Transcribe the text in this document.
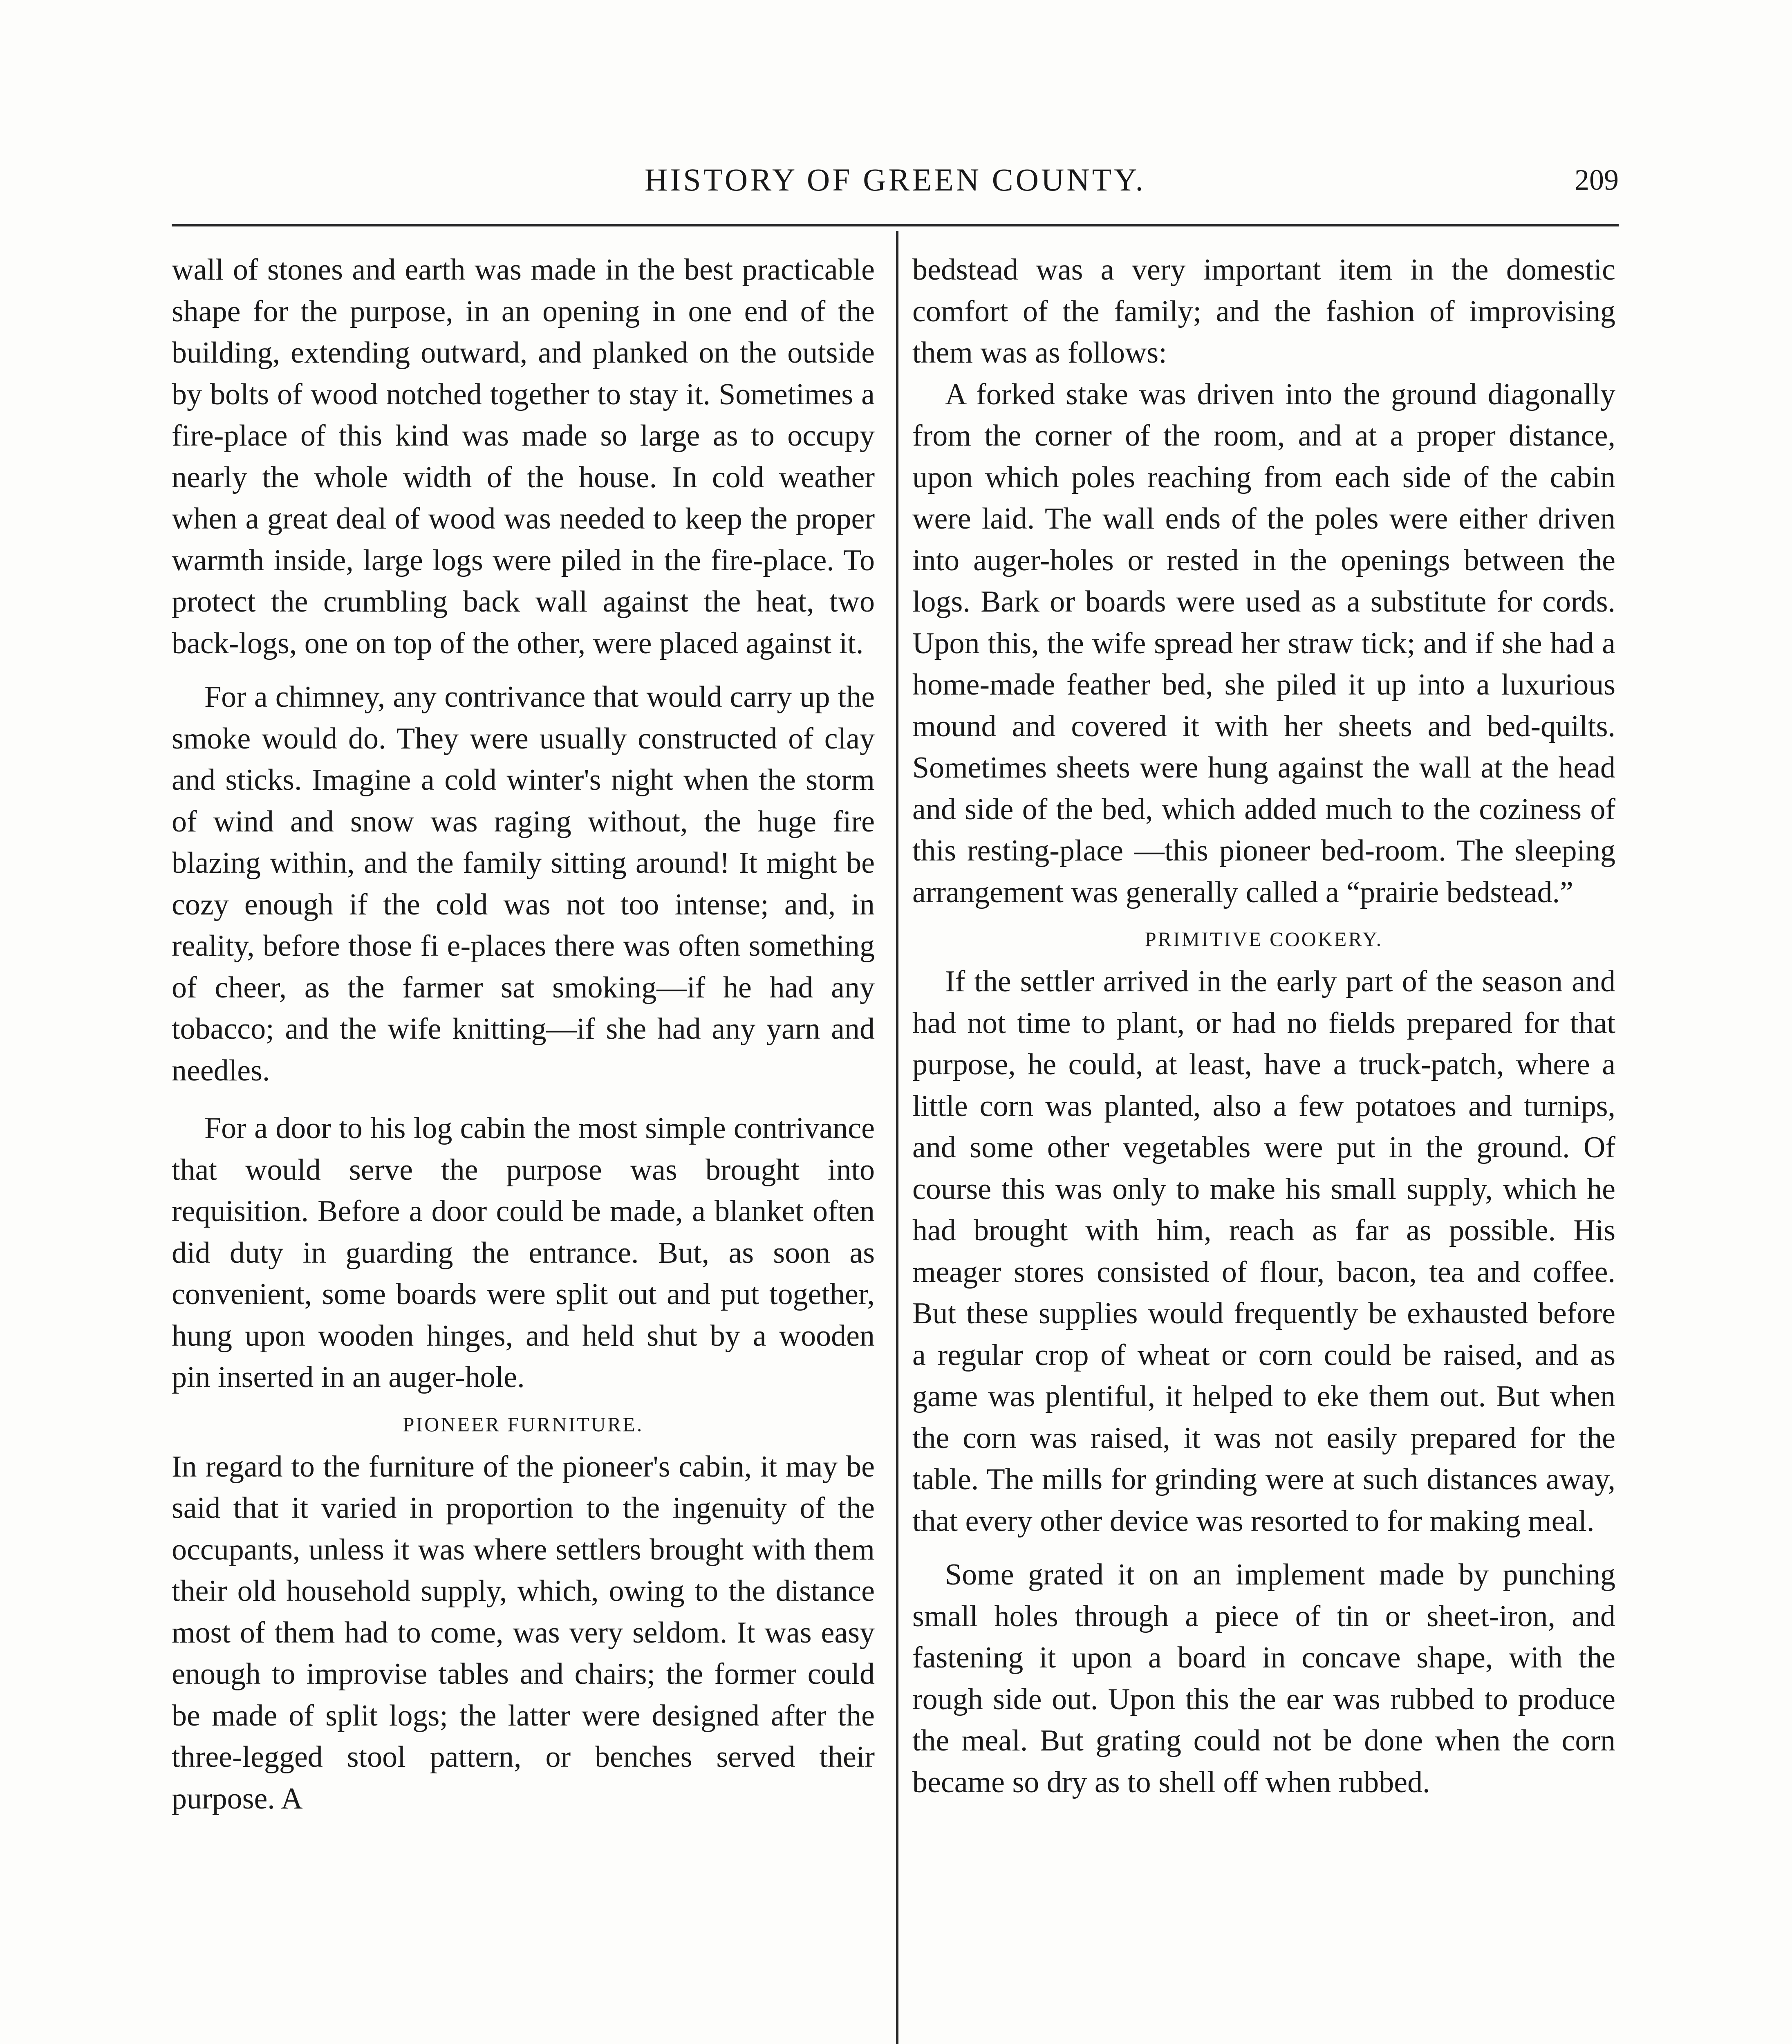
HISTORY OF GREEN COUNTY.	209

wall of stones and earth was made in the best practicable shape for the purpose, in an opening in one end of the building, extending outward, and planked on the outside by bolts of wood notched together to stay it. Sometimes a fire-place of this kind was made so large as to occupy nearly the whole width of the house. In cold weather when a great deal of wood was needed to keep the proper warmth inside, large logs were piled in the fire-place. To protect the crumbling back wall against the heat, two back-logs, one on top of the other, were placed against it.

For a chimney, any contrivance that would carry up the smoke would do. They were usually constructed of clay and sticks. Imagine a cold winter's night when the storm of wind and snow was raging without, the huge fire blazing within, and the family sitting around! It might be cozy enough if the cold was not too intense; and, in reality, before those fi e-places there was often something of cheer, as the farmer sat smoking—if he had any tobacco; and the wife knitting—if she had any yarn and needles.

For a door to his log cabin the most simple contrivance that would serve the purpose was brought into requisition. Before a door could be made, a blanket often did duty in guarding the entrance. But, as soon as convenient, some boards were split out and put together, hung upon wooden hinges, and held shut by a wooden pin inserted in an auger-hole.

PIONEER FURNITURE.

In regard to the furniture of the pioneer's cabin, it may be said that it varied in proportion to the ingenuity of the occupants, unless it was where settlers brought with them their old household supply, which, owing to the distance most of them had to come, was very seldom. It was easy enough to improvise tables and chairs; the former could be made of split logs; the latter were designed after the three-legged stool pattern, or benches served their purpose. A

bedstead was a very important item in the domestic comfort of the family; and the fashion of improvising them was as follows:

A forked stake was driven into the ground diagonally from the corner of the room, and at a proper distance, upon which poles reaching from each side of the cabin were laid. The wall ends of the poles were either driven into auger-holes or rested in the openings between the logs. Bark or boards were used as a substitute for cords. Upon this, the wife spread her straw tick; and if she had a home-made feather bed, she piled it up into a luxurious mound and covered it with her sheets and bed-quilts. Sometimes sheets were hung against the wall at the head and side of the bed, which added much to the coziness of this resting-place —this pioneer bed-room. The sleeping arrangement was generally called a “prairie bedstead.”

PRIMITIVE COOKERY.

If the settler arrived in the early part of the season and had not time to plant, or had no fields prepared for that purpose, he could, at least, have a truck-patch, where a little corn was planted, also a few potatoes and turnips, and some other vegetables were put in the ground. Of course this was only to make his small supply, which he had brought with him, reach as far as possible. His meager stores consisted of flour, bacon, tea and coffee. But these supplies would frequently be exhausted before a regular crop of wheat or corn could be raised, and as game was plentiful, it helped to eke them out. But when the corn was raised, it was not easily prepared for the table. The mills for grinding were at such distances away, that every other device was resorted to for making meal.

Some grated it on an implement made by punching small holes through a piece of tin or sheet-iron, and fastening it upon a board in concave shape, with the rough side out. Upon this the ear was rubbed to produce the meal. But grating could not be done when the corn became so dry as to shell off when rubbed.
